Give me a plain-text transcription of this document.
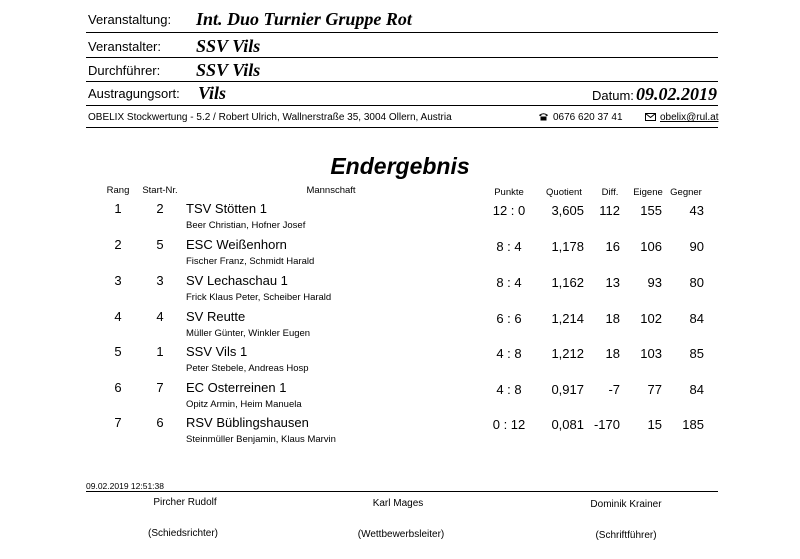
Veranstaltung: Int. Duo Turnier Gruppe Rot
Veranstalter: SSV Vils
Durchführer: SSV Vils
Austragungsort: Vils	Datum: 09.02.2019
OBELIX Stockwertung - 5.2 / Robert Ulrich, Wallnerstraße 35, 3004 Ollern, Austria	0676 620 37 41	obelix@rul.at
Endergebnis
Rang	Start-Nr.	Mannschaft	Punkte	Quotient	Diff.	Eigene Gegner
1	2	TSV Stötten 1
Beer Christian, Hofner Josef
12 : 0	3,605	112	155	43
2	5	ESC Weißenhorn
Fischer Franz, Schmidt Harald
8 : 4	1,178	16	106	90
3	3	SV Lechaschau 1
Frick Klaus Peter, Scheiber Harald
8 : 4	1,162	13	93	80
4	4	SV Reutte
Müller Günter, Winkler Eugen
6 : 6	1,214	18	102	84
5	1	SSV Vils 1
Peter Stebele, Andreas Hosp
4 : 8	1,212	18	103	85
6	7	EC Osterreinen 1
Opitz Armin, Heim Manuela
4 : 8	0,917	-7	77	84
7	6	RSV Büblingshausen
Steinmüller Benjamin, Klaus Marvin
0 : 12	0,081 -170	15	185
09.02.2019 12:51:38
Pircher Rudolf	Karl Mages	Dominik Krainer
(Schiedsrichter)	(Wettbewerbsleiter)	(Schriftführer)
